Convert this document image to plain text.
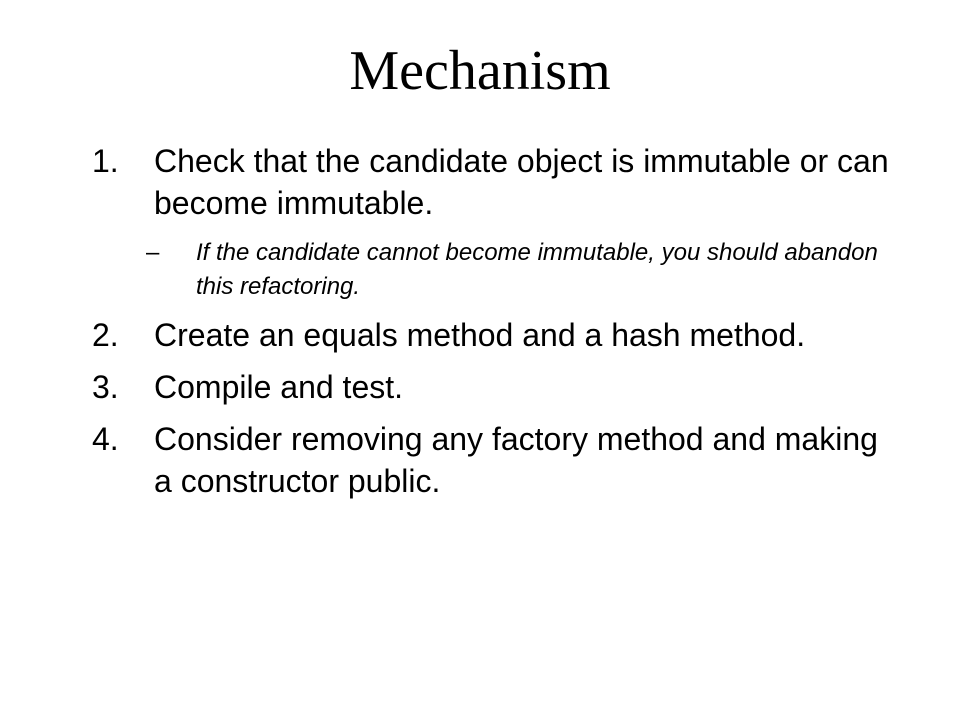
Mechanism
1. Check that the candidate object is immutable or can become immutable.
– If the candidate cannot become immutable, you should abandon this refactoring.
2. Create an equals method and a hash method.
3. Compile and test.
4. Consider removing any factory method and making a constructor public.
